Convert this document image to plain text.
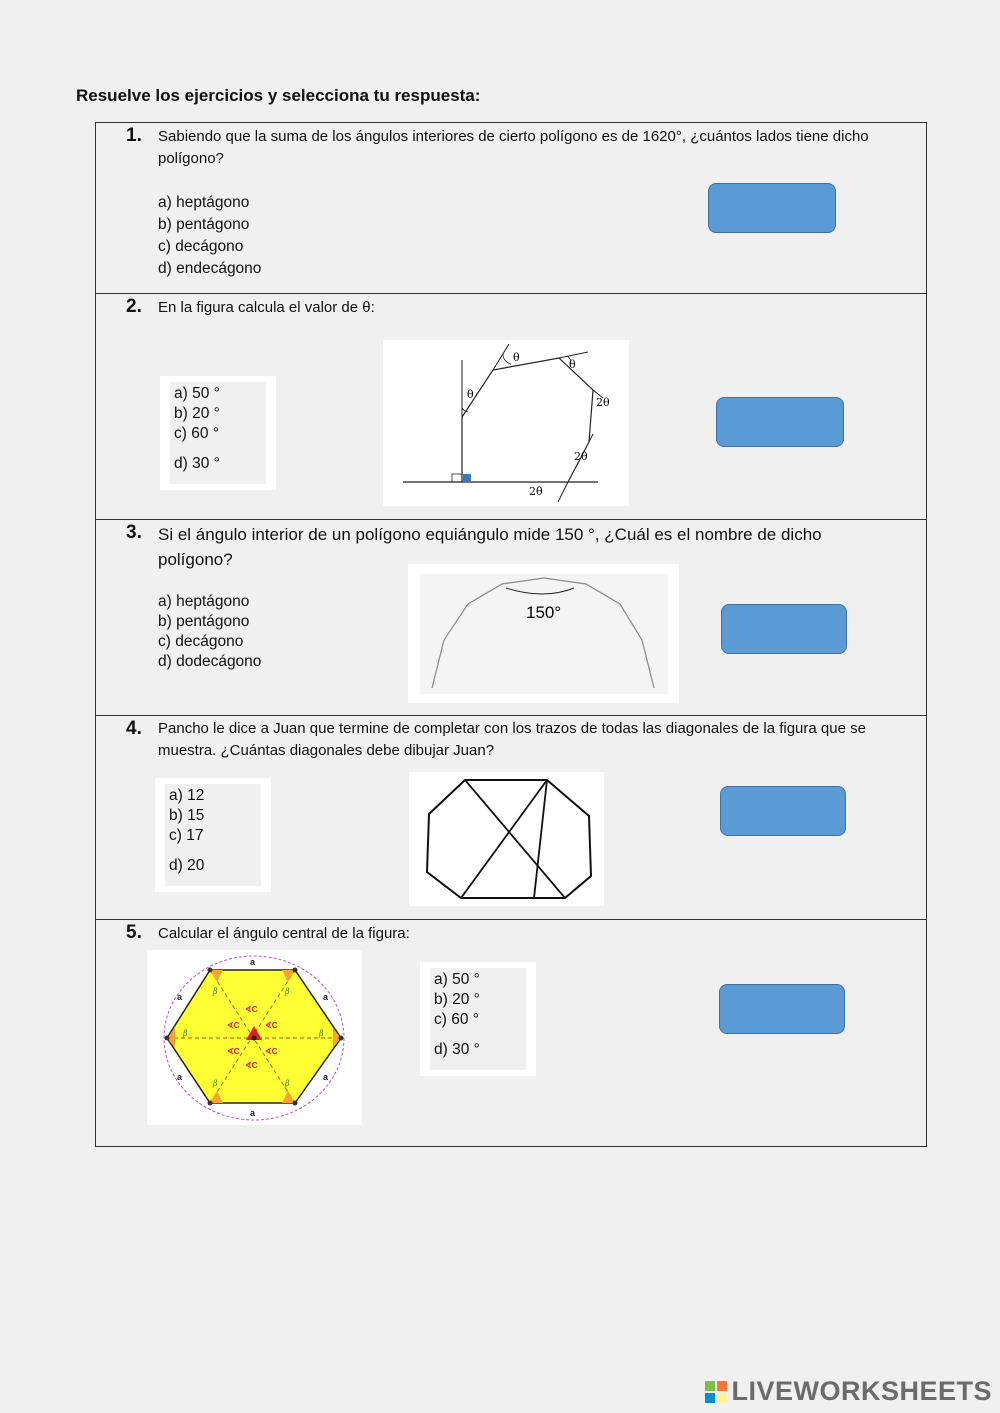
Resuelve los ejercicios y selecciona tu respuesta:
1. Sabiendo que la suma de los ángulos interiores de cierto polígono es de 1620°, ¿cuántos lados tiene dicho polígono?
a) heptágono
b) pentágono
c) decágono
d) endecágono
2. En la figura calcula el valor de θ:
a) 50 °
b) 20 °
c) 60 °
d) 30 °
θ
θ
θ
2θ
2θ
2θ
3. Si el ángulo interior de un polígono equiángulo mide 150 °, ¿Cuál es el nombre de dicho polígono?
a) heptágono
b) pentágono
c) decágono
d) dodecágono
150°
4. Pancho le dice a Juan que termine de completar con los trazos de todas las diagonales de la figura que se muestra. ¿Cuántas diagonales debe dibujar Juan?
a) 12
b) 15
c) 17
d) 20
5. Calcular el ángulo central de la figura:
a
a
a
a
a
a
∢C
∢C
∢C
∢C
∢C
∢C
β	β
β
β
β
β
a) 50 °
b) 20 °
c) 60 °
d) 30 °
LIVEWORKSHEETS
